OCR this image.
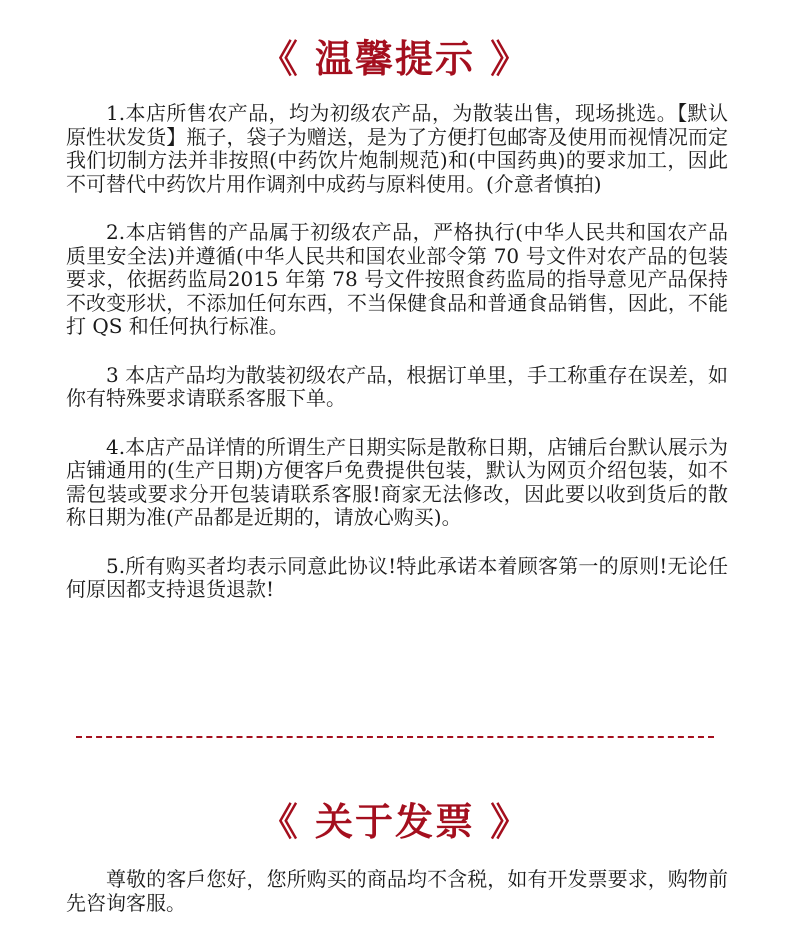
《 温馨提示 》

1.本店所售农产品，均为初级农产品，为散装出售，现场挑选。【默认原性状发货】瓶子，袋子为赠送，是为了方便打包邮寄及使用而视情况而定我们切制方法并非按照(中药饮片炮制规范)和(中国药典)的要求加工，因此不可替代中药饮片用作调剂中成药与原料使用。(介意者慎拍)

2.本店销售的产品属于初级农产品，严格执行(中华人民共和国农产品质里安全法)并遵循(中华人民共和国农业部令第 70 号文件对农产品的包装要求，依据药监局2015 年第 78 号文件按照食药监局的指导意见产品保持不改变形状，不添加任何东西，不当保健食品和普通食品销售，因此，不能打 QS 和任何执行标准。

3 本店产品均为散装初级农产品，根据订单里，手工称重存在误差，如你有特殊要求请联系客服下单。

4.本店产品详情的所谓生产日期实际是散称日期，店铺后台默认展示为店铺通用的(生产日期)方便客戶免费提供包装，默认为网页介绍包装，如不需包装或要求分开包装请联系客服!商家无法修改，因此要以收到货后的散称日期为准(产品都是近期的，请放心购买)。

5.所有购买者均表示同意此协议!特此承诺本着顾客第一的原则!无论任何原因都支持退货退款!

《 关于发票 》

尊敬的客戶您好，您所购买的商品均不含税，如有开发票要求，购物前先咨询客服。
